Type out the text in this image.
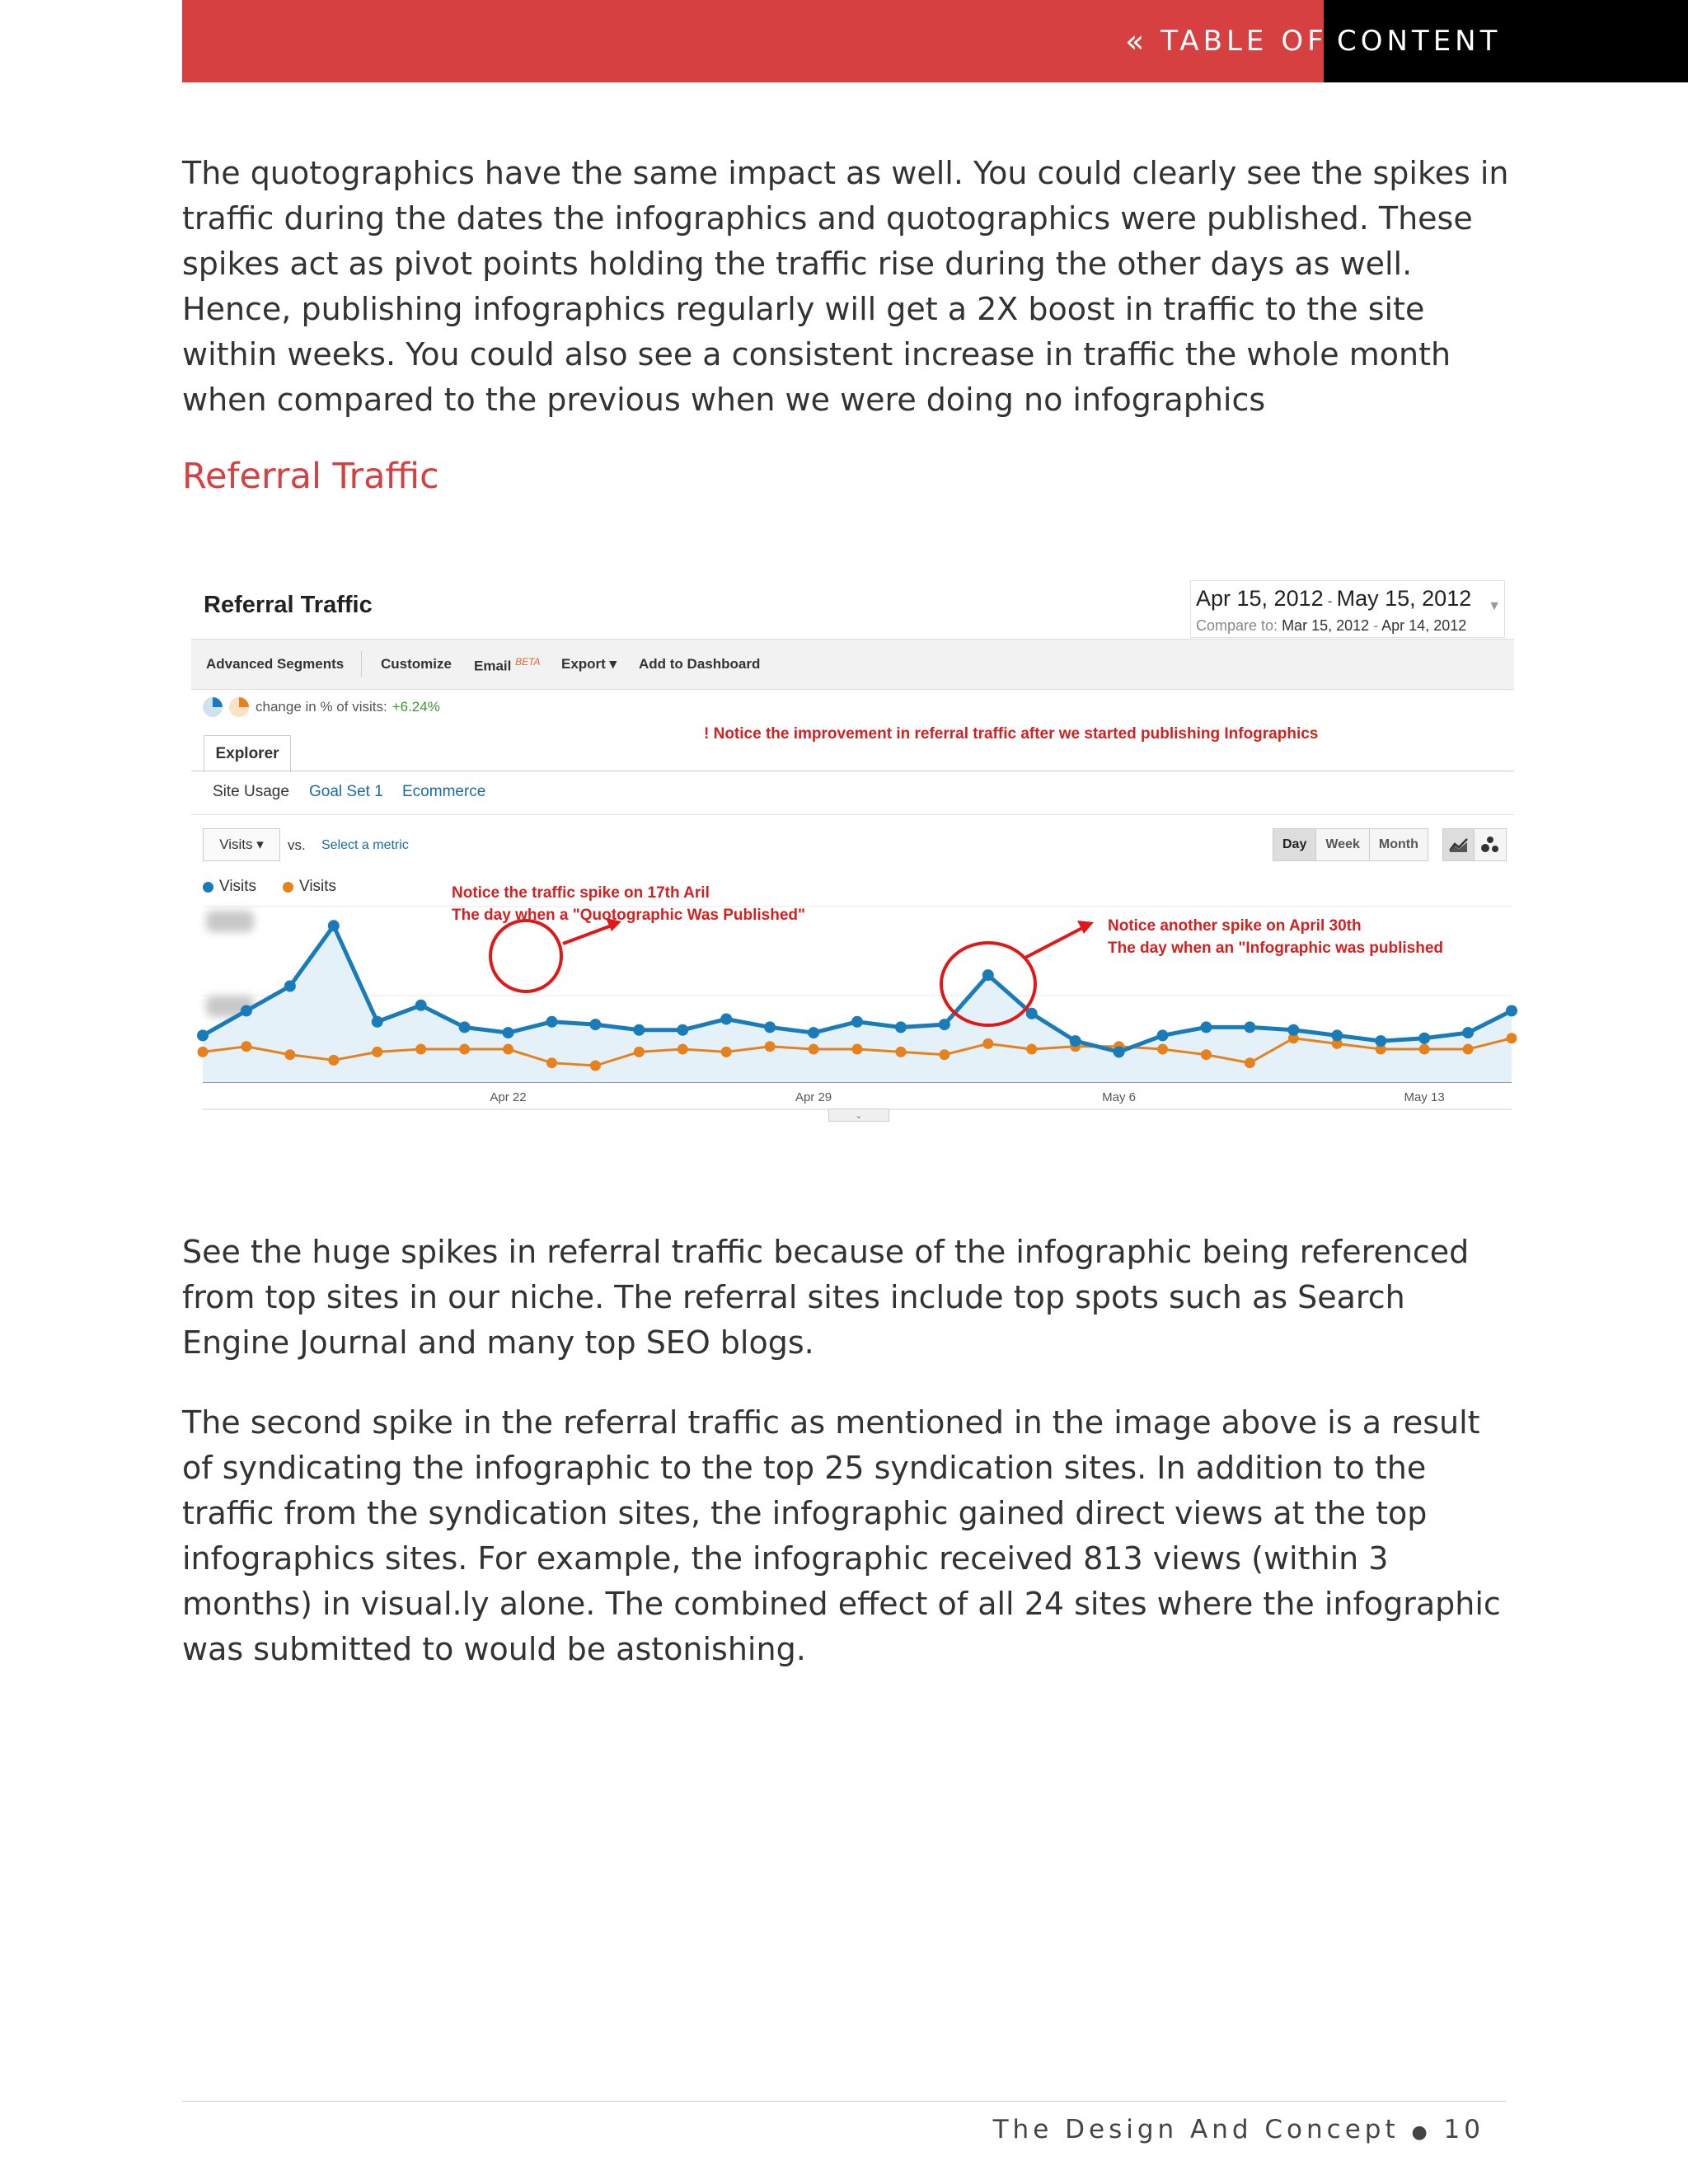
« TABLE OF CONTENT

The quotographics have the same impact as well. You could clearly see the spikes in traffic during the dates the infographics and quotographics were published. These spikes act as pivot points holding the traffic rise during the other days as well. Hence, publishing infographics regularly will get a 2X boost in traffic to the site within weeks. You could also see a consistent increase in traffic the whole month when compared to the previous when we were doing no infographics

Referral Traffic
Referral Traffic	Apr 15, 2012 - May 15, 2012
Compare to: Mar 15, 2012 - Apr 14, 2012
▼
Advanced Segments	Customize Email $^{BETA}$ Export ▾ Add to Dashboard
change in % of visits: +6.24%
! Notice the improvement in referral traffic after we started publishing Infographics
Explorer
Site Usage Goal Set 1 Ecommerce
Visits ▾	vs. Select a metric	Day	Week	Month
Visits	Visits
Apr 22	Apr 29	May 6	May 13
Notice the traffic spike on 17th Aril
The day when a "Quotographic Was Published"
Notice another spike on April 30th
The day when an "Infographic was published
⌄

See the huge spikes in referral traffic because of the infographic being referenced from top sites in our niche. The referral sites include top spots such as Search Engine Journal and many top SEO blogs.

The second spike in the referral traffic as mentioned in the image above is a result of syndicating the infographic to the top 25 syndication sites. In addition to the traffic from the syndication sites, the infographic gained direct views at the top infographics sites. For example, the infographic received 813 views (within 3 months) in visual.ly alone. The combined effect of all 24 sites where the infographic was submitted to would be astonishing.

The Design And Concept ● 10
